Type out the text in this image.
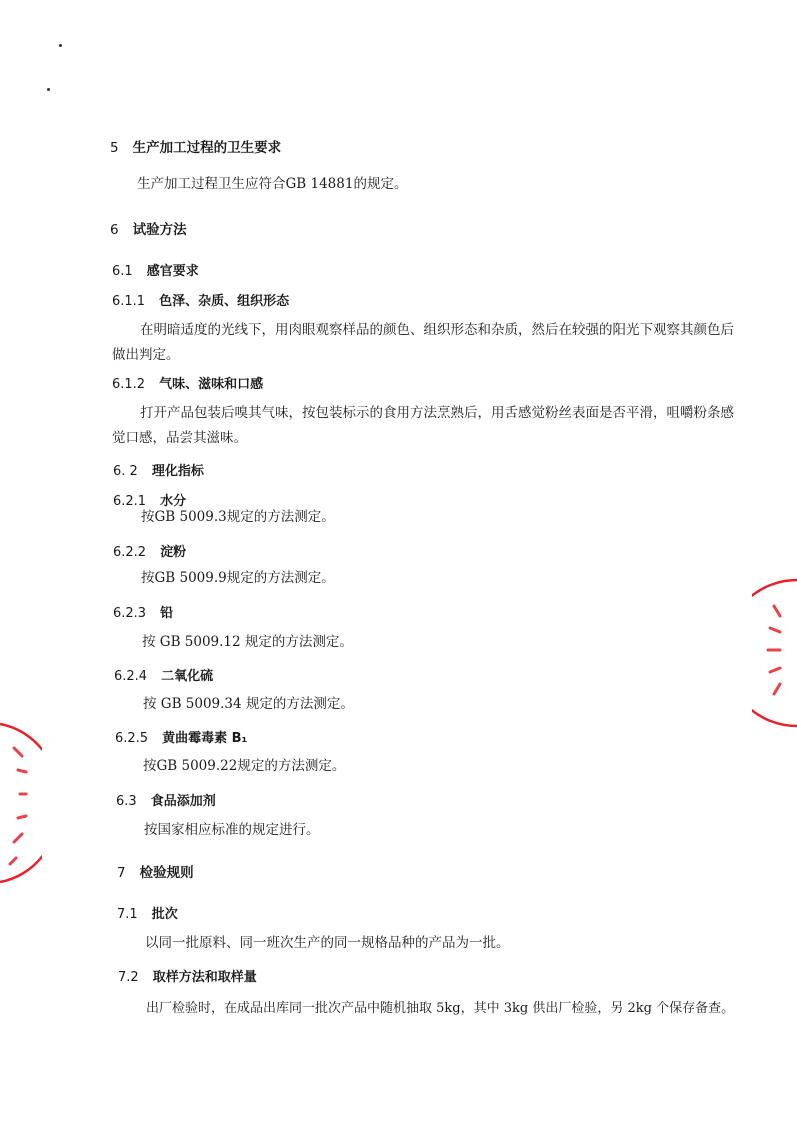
5 生产加工过程的卫生要求
生产加工过程卫生应符合GB 14881的规定。
6 试验方法
6.1 感官要求
6.1.1 色泽、杂质、组织形态
在明暗适度的光线下，用肉眼观察样品的颜色、组织形态和杂质，然后在较强的阳光下观察其颜色后做出判定。
6.1.2 气味、滋味和口感
打开产品包装后嗅其气味，按包装标示的食用方法烹熟后，用舌感觉粉丝表面是否平滑，咀嚼粉条感觉口感，品尝其滋味。
6. 2 理化指标
6.2.1 水分
按GB 5009.3规定的方法测定。
6.2.2 淀粉
按GB 5009.9规定的方法测定。
6.2.3 铅
按 GB 5009.12 规定的方法测定。
6.2.4 二氧化硫
按 GB 5009.34 规定的方法测定。
6.2.5 黄曲霉毒素 B₁
按GB 5009.22规定的方法测定。
6.3 食品添加剂
按国家相应标准的规定进行。
7 检验规则
7.1 批次
以同一批原料、同一班次生产的同一规格品种的产品为一批。
7.2 取样方法和取样量
出厂检验时，在成品出库同一批次产品中随机抽取 5kg，其中 3kg 供出厂检验，另 2kg 个保存备查。
